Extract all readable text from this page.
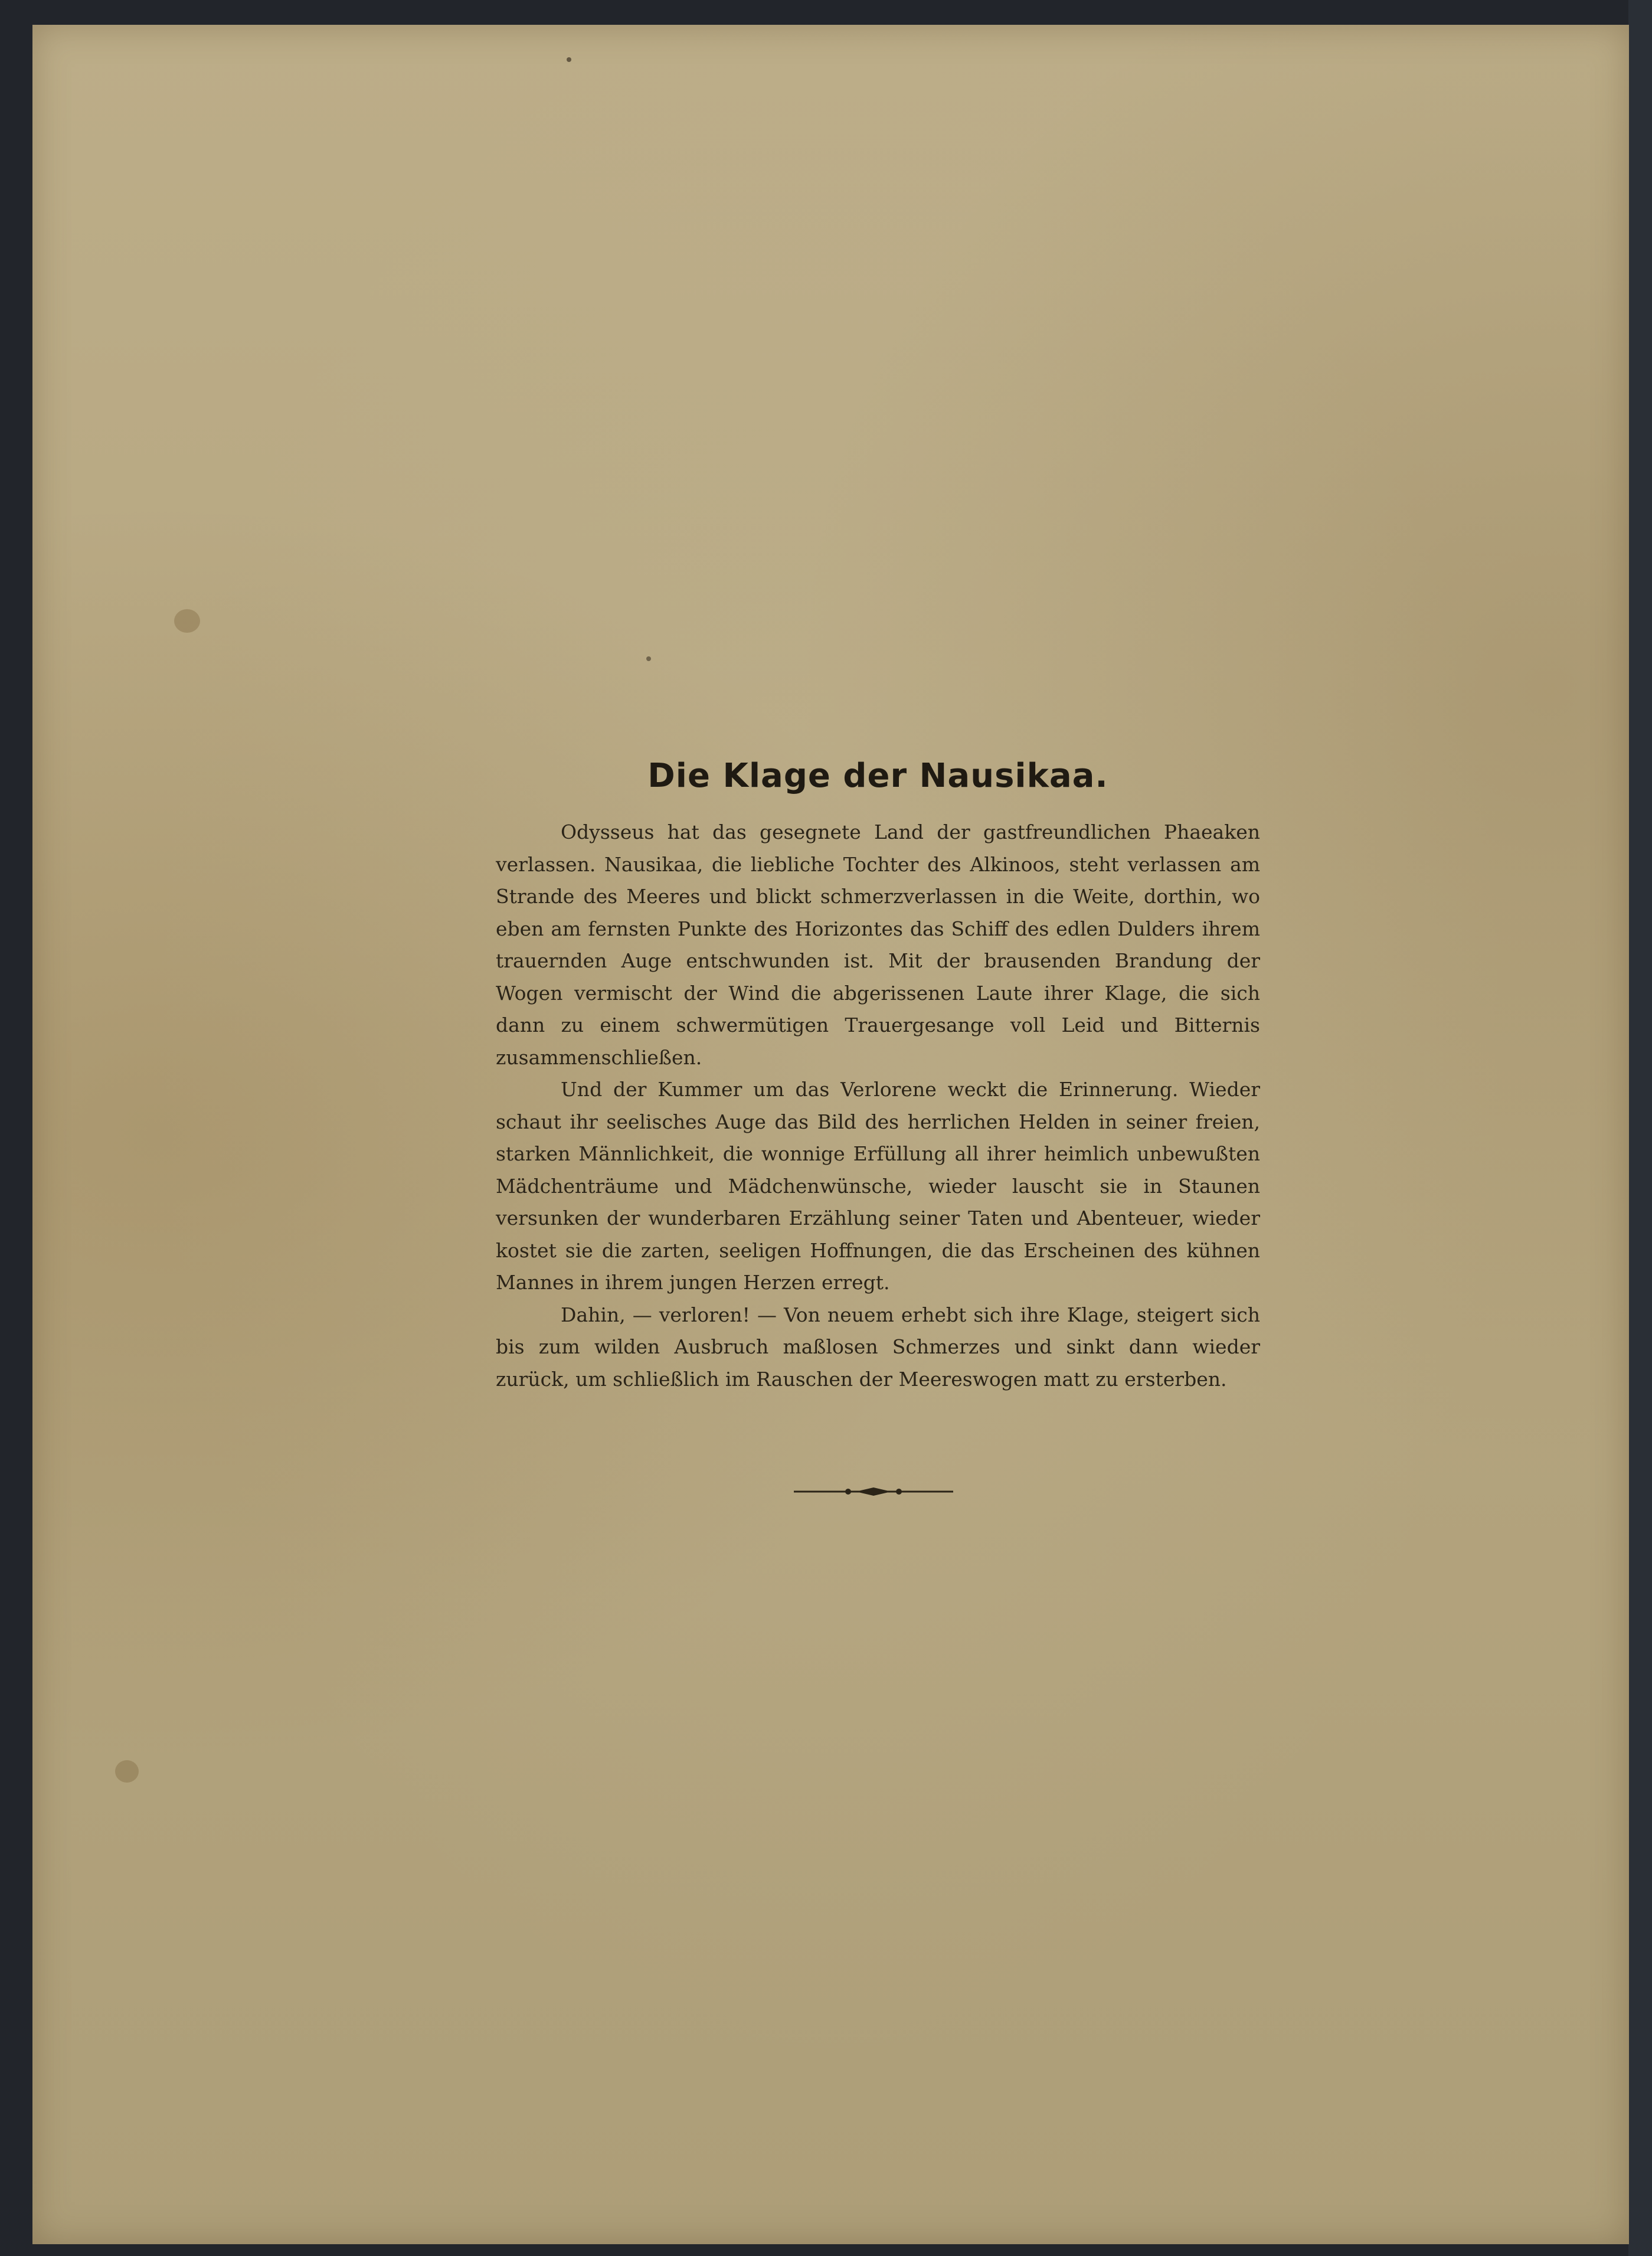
Die Klage der Nausikaa.

Odysseus hat das gesegnete Land der gastfreundlichen Phaeaken verlassen. Nausikaa, die liebliche Tochter des Alkinoos, steht verlassen am Strande des Meeres und blickt schmerzverlassen in die Weite, dorthin, wo eben am fernsten Punkte des Horizontes das Schiff des edlen Dulders ihrem trauernden Auge entschwunden ist. Mit der brausenden Brandung der Wogen vermischt der Wind die abgerissenen Laute ihrer Klage, die sich dann zu einem schwermütigen Trauergesange voll Leid und Bitternis zusammenschließen.

Und der Kummer um das Verlorene weckt die Erinnerung. Wieder schaut ihr seelisches Auge das Bild des herrlichen Helden in seiner freien, starken Männlichkeit, die wonnige Erfüllung all ihrer heimlich unbewußten Mädchenträume und Mädchenwünsche, wieder lauscht sie in Staunen versunken der wunderbaren Erzählung seiner Taten und Abenteuer, wieder kostet sie die zarten, seeligen Hoffnungen, die das Erscheinen des kühnen Mannes in ihrem jungen Herzen erregt.

Dahin, — verloren! — Von neuem erhebt sich ihre Klage, steigert sich bis zum wilden Ausbruch maßlosen Schmerzes und sinkt dann wieder zurück, um schließlich im Rauschen der Meereswogen matt zu ersterben.
